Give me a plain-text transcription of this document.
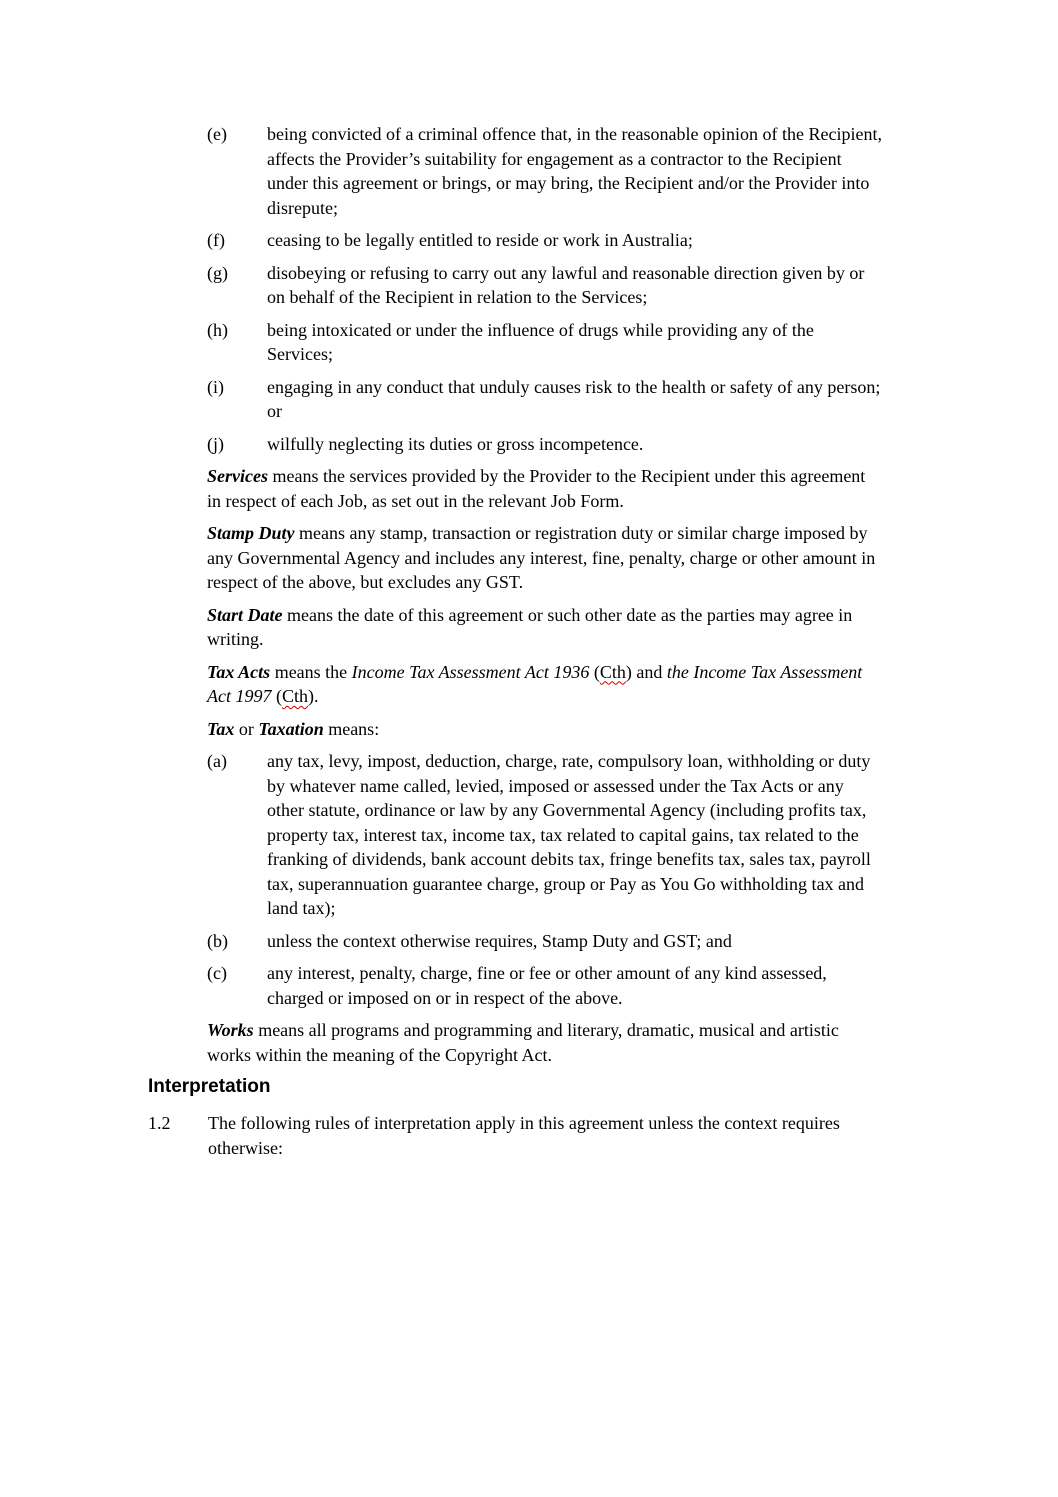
(e)	being convicted of a criminal offence that, in the reasonable opinion of the Recipient, affects the Provider’s suitability for engagement as a contractor to the Recipient under this agreement or brings, or may bring, the Recipient and/or the Provider into disrepute;
(f)	ceasing to be legally entitled to reside or work in Australia;
(g)	disobeying or refusing to carry out any lawful and reasonable direction given by or on behalf of the Recipient in relation to the Services;
(h)	being intoxicated or under the influence of drugs while providing any of the Services;
(i)	engaging in any conduct that unduly causes risk to the health or safety of any person; or
(j)	wilfully neglecting its duties or gross incompetence.
Services means the services provided by the Provider to the Recipient under this agreement in respect of each Job, as set out in the relevant Job Form.
Stamp Duty means any stamp, transaction or registration duty or similar charge imposed by any Governmental Agency and includes any interest, fine, penalty, charge or other amount in respect of the above, but excludes any GST.
Start Date means the date of this agreement or such other date as the parties may agree in writing.
Tax Acts means the Income Tax Assessment Act 1936 (Cth) and the Income Tax Assessment Act 1997 (Cth).
Tax or Taxation means:
(a)	any tax, levy, impost, deduction, charge, rate, compulsory loan, withholding or duty by whatever name called, levied, imposed or assessed under the Tax Acts or any other statute, ordinance or law by any Governmental Agency (including profits tax, property tax, interest tax, income tax, tax related to capital gains, tax related to the franking of dividends, bank account debits tax, fringe benefits tax, sales tax, payroll tax, superannuation guarantee charge, group or Pay as You Go withholding tax and land tax);
(b)	unless the context otherwise requires, Stamp Duty and GST; and
(c)	any interest, penalty, charge, fine or fee or other amount of any kind assessed, charged or imposed on or in respect of the above.
Works means all programs and programming and literary, dramatic, musical and artistic works within the meaning of the Copyright Act.
Interpretation
1.2	The following rules of interpretation apply in this agreement unless the context requires otherwise:
